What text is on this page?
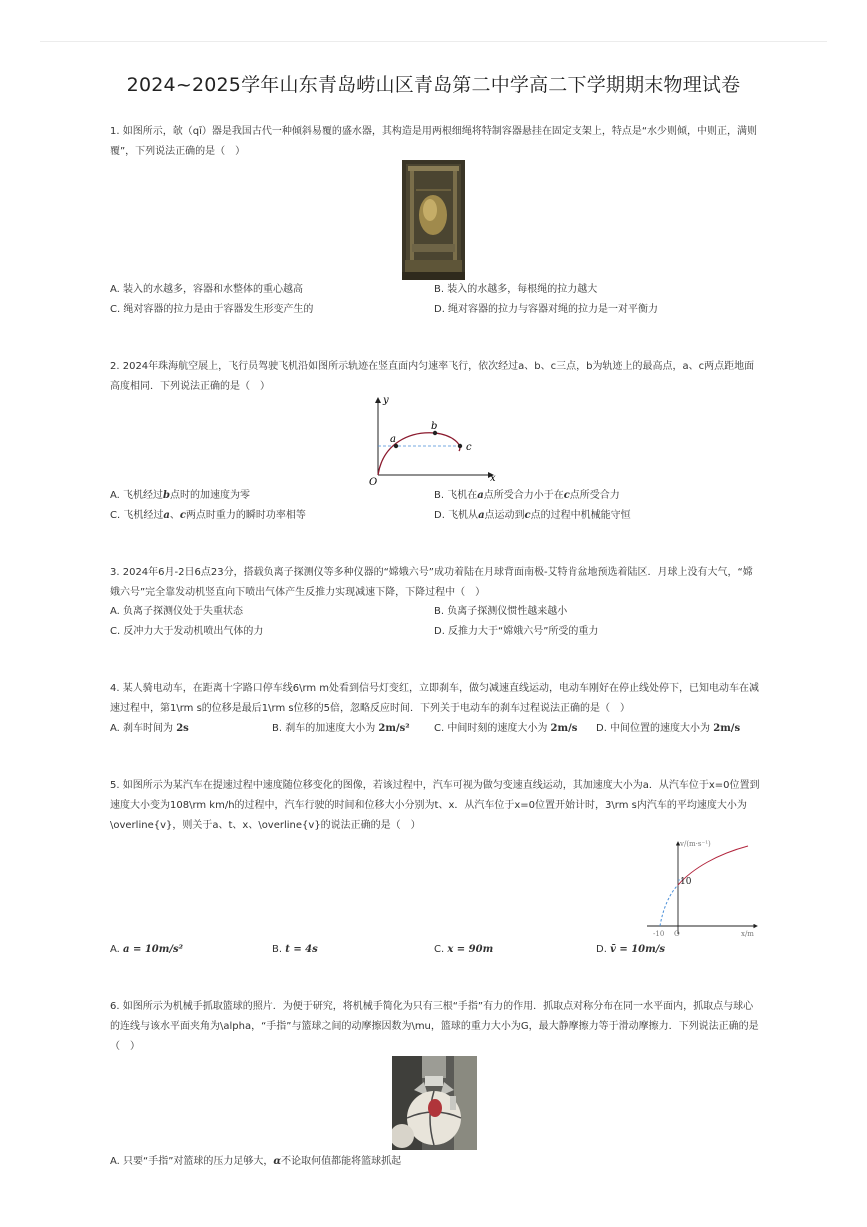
2024~2025学年山东青岛崂山区青岛第二中学高二下学期期末物理试卷
1. 如图所示，欹（qī）器是我国古代一种倾斜易覆的盛水器，其构造是用两根细绳将特制容器悬挂在固定支架上，特点是“水少则倾，中则正，满则覆”，下列说法正确的是（　）
A. 装入的水越多，容器和水整体的重心越高	B. 装入的水越多，每根绳的拉力越大
C. 绳对容器的拉力是由于容器发生形变产生的	D. 绳对容器的拉力与容器对绳的拉力是一对平衡力
2. 2024年珠海航空展上，飞行员驾驶飞机沿如图所示轨迹在竖直面内匀速率飞行，依次经过a、b、c三点，b为轨迹上的最高点，a、c两点距地面高度相同．下列说法正确的是（　）
y
x
O
a
b
c
A. 飞机经过b点时的加速度为零	B. 飞机在a点所受合力小于在c点所受合力
C. 飞机经过a、c两点时重力的瞬时功率相等	D. 飞机从a点运动到c点的过程中机械能守恒
3. 2024年6月-2日6点23分，搭载负离子探测仪等多种仪器的“嫦娥六号”成功着陆在月球背面南极-艾特肯盆地预选着陆区．月球上没有大气，“嫦娥六号”完全靠发动机竖直向下喷出气体产生反推力实现减速下降，下降过程中（　）
A. 负离子探测仪处于失重状态	B. 负离子探测仪惯性越来越小
C. 反冲力大于发动机喷出气体的力	D. 反推力大于“嫦娥六号”所受的重力
4. 某人骑电动车，在距离十字路口停车线6\rm m处看到信号灯变红，立即刹车，做匀减速直线运动，电动车刚好在停止线处停下，已知电动车在减速过程中，第1\rm s的位移是最后1\rm s位移的5倍，忽略反应时间．下列关于电动车的刹车过程说法正确的是（　）
A. 刹车时间为 2s	B. 刹车的加速度大小为 2m/s² C. 中间时刻的速度大小为 2m/s D. 中间位置的速度大小为 2m/s
5. 如图所示为某汽车在提速过程中速度随位移变化的图像，若该过程中，汽车可视为做匀变速直线运动，其加速度大小为a．从汽车位于x=0位置到速度大小变为108\rm km/h的过程中，汽车行驶的时间和位移大小分别为t、x．从汽车位于x=0位置开始计时，3\rm s内汽车的平均速度大小为\overline{v}，则关于a、t、x、\overline{v}的说法正确的是（　）
v/(m·s⁻¹)
10
-10 O	x/m
A. a = 10m/s²	B. t = 4s	C. x = 90m	D. v̄ = 10m/s
6. 如图所示为机械手抓取篮球的照片．为便于研究，将机械手简化为只有三根“手指”有力的作用．抓取点对称分布在同一水平面内，抓取点与球心的连线与该水平面夹角为\alpha，“手指”与篮球之间的动摩擦因数为\mu，篮球的重力大小为G，最大静摩擦力等于滑动摩擦力．下列说法正确的是（　）
A. 只要“手指”对篮球的压力足够大，α不论取何值都能将篮球抓起
